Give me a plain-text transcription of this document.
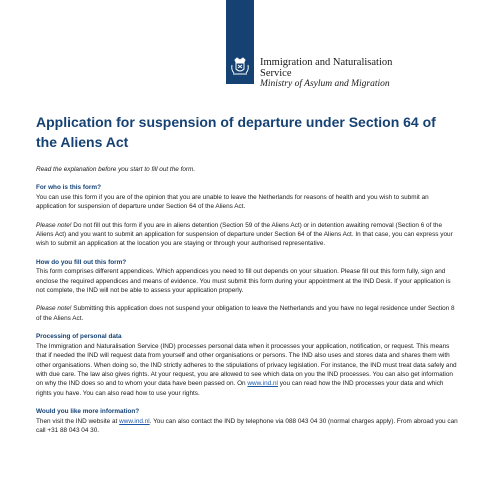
Immigration and Naturalisation
Service
Ministry of Asylum and Migration
Application for suspension of departure under Section 64 of the Aliens Act

Read the explanation before you start to fill out the form.

For who is this form?

You can use this form if you are of the opinion that you are unable to leave the Netherlands for reasons of health and you wish to submit an application for suspension of departure under Section 64 of the Aliens Act.

Please note! Do not fill out this form if you are in aliens detention (Section 59 of the Aliens Act) or in detention awaiting removal (Section 6 of the Aliens Act) and you want to submit an application for suspension of departure under Section 64 of the Aliens Act. In that case, you can express your wish to submit an application at the location you are staying or through your authorised representative.

How do you fill out this form?

This form comprises different appendices. Which appendices you need to fill out depends on your situation. Please fill out this form fully, sign and enclose the required appendices and means of evidence. You must submit this form during your appointment at the IND Desk. If your application is not complete, the IND will not be able to assess your application properly.

Please note! Submitting this application does not suspend your obligation to leave the Netherlands and you have no legal residence under Section 8 of the Aliens Act.

Processing of personal data

The Immigration and Naturalisation Service (IND) processes personal data when it processes your application, notification, or request. This means that if needed the IND will request data from yourself and other organisations or persons. The IND also uses and stores data and shares them with other organisations. When doing so, the IND strictly adheres to the stipulations of privacy legislation. For instance, the IND must treat data safely and with due care. The law also gives rights. At your request, you are allowed to see which data on you the IND processes. You can also get information on why the IND does so and to whom your data have been passed on. On www.ind.nl you can read how the IND processes your data and which rights you have. You can also read how to use your rights.

Would you like more information?

Then visit the IND website at www.ind.nl. You can also contact the IND by telephone via 088 043 04 30 (normal charges apply). From abroad you can call +31 88 043 04 30.
